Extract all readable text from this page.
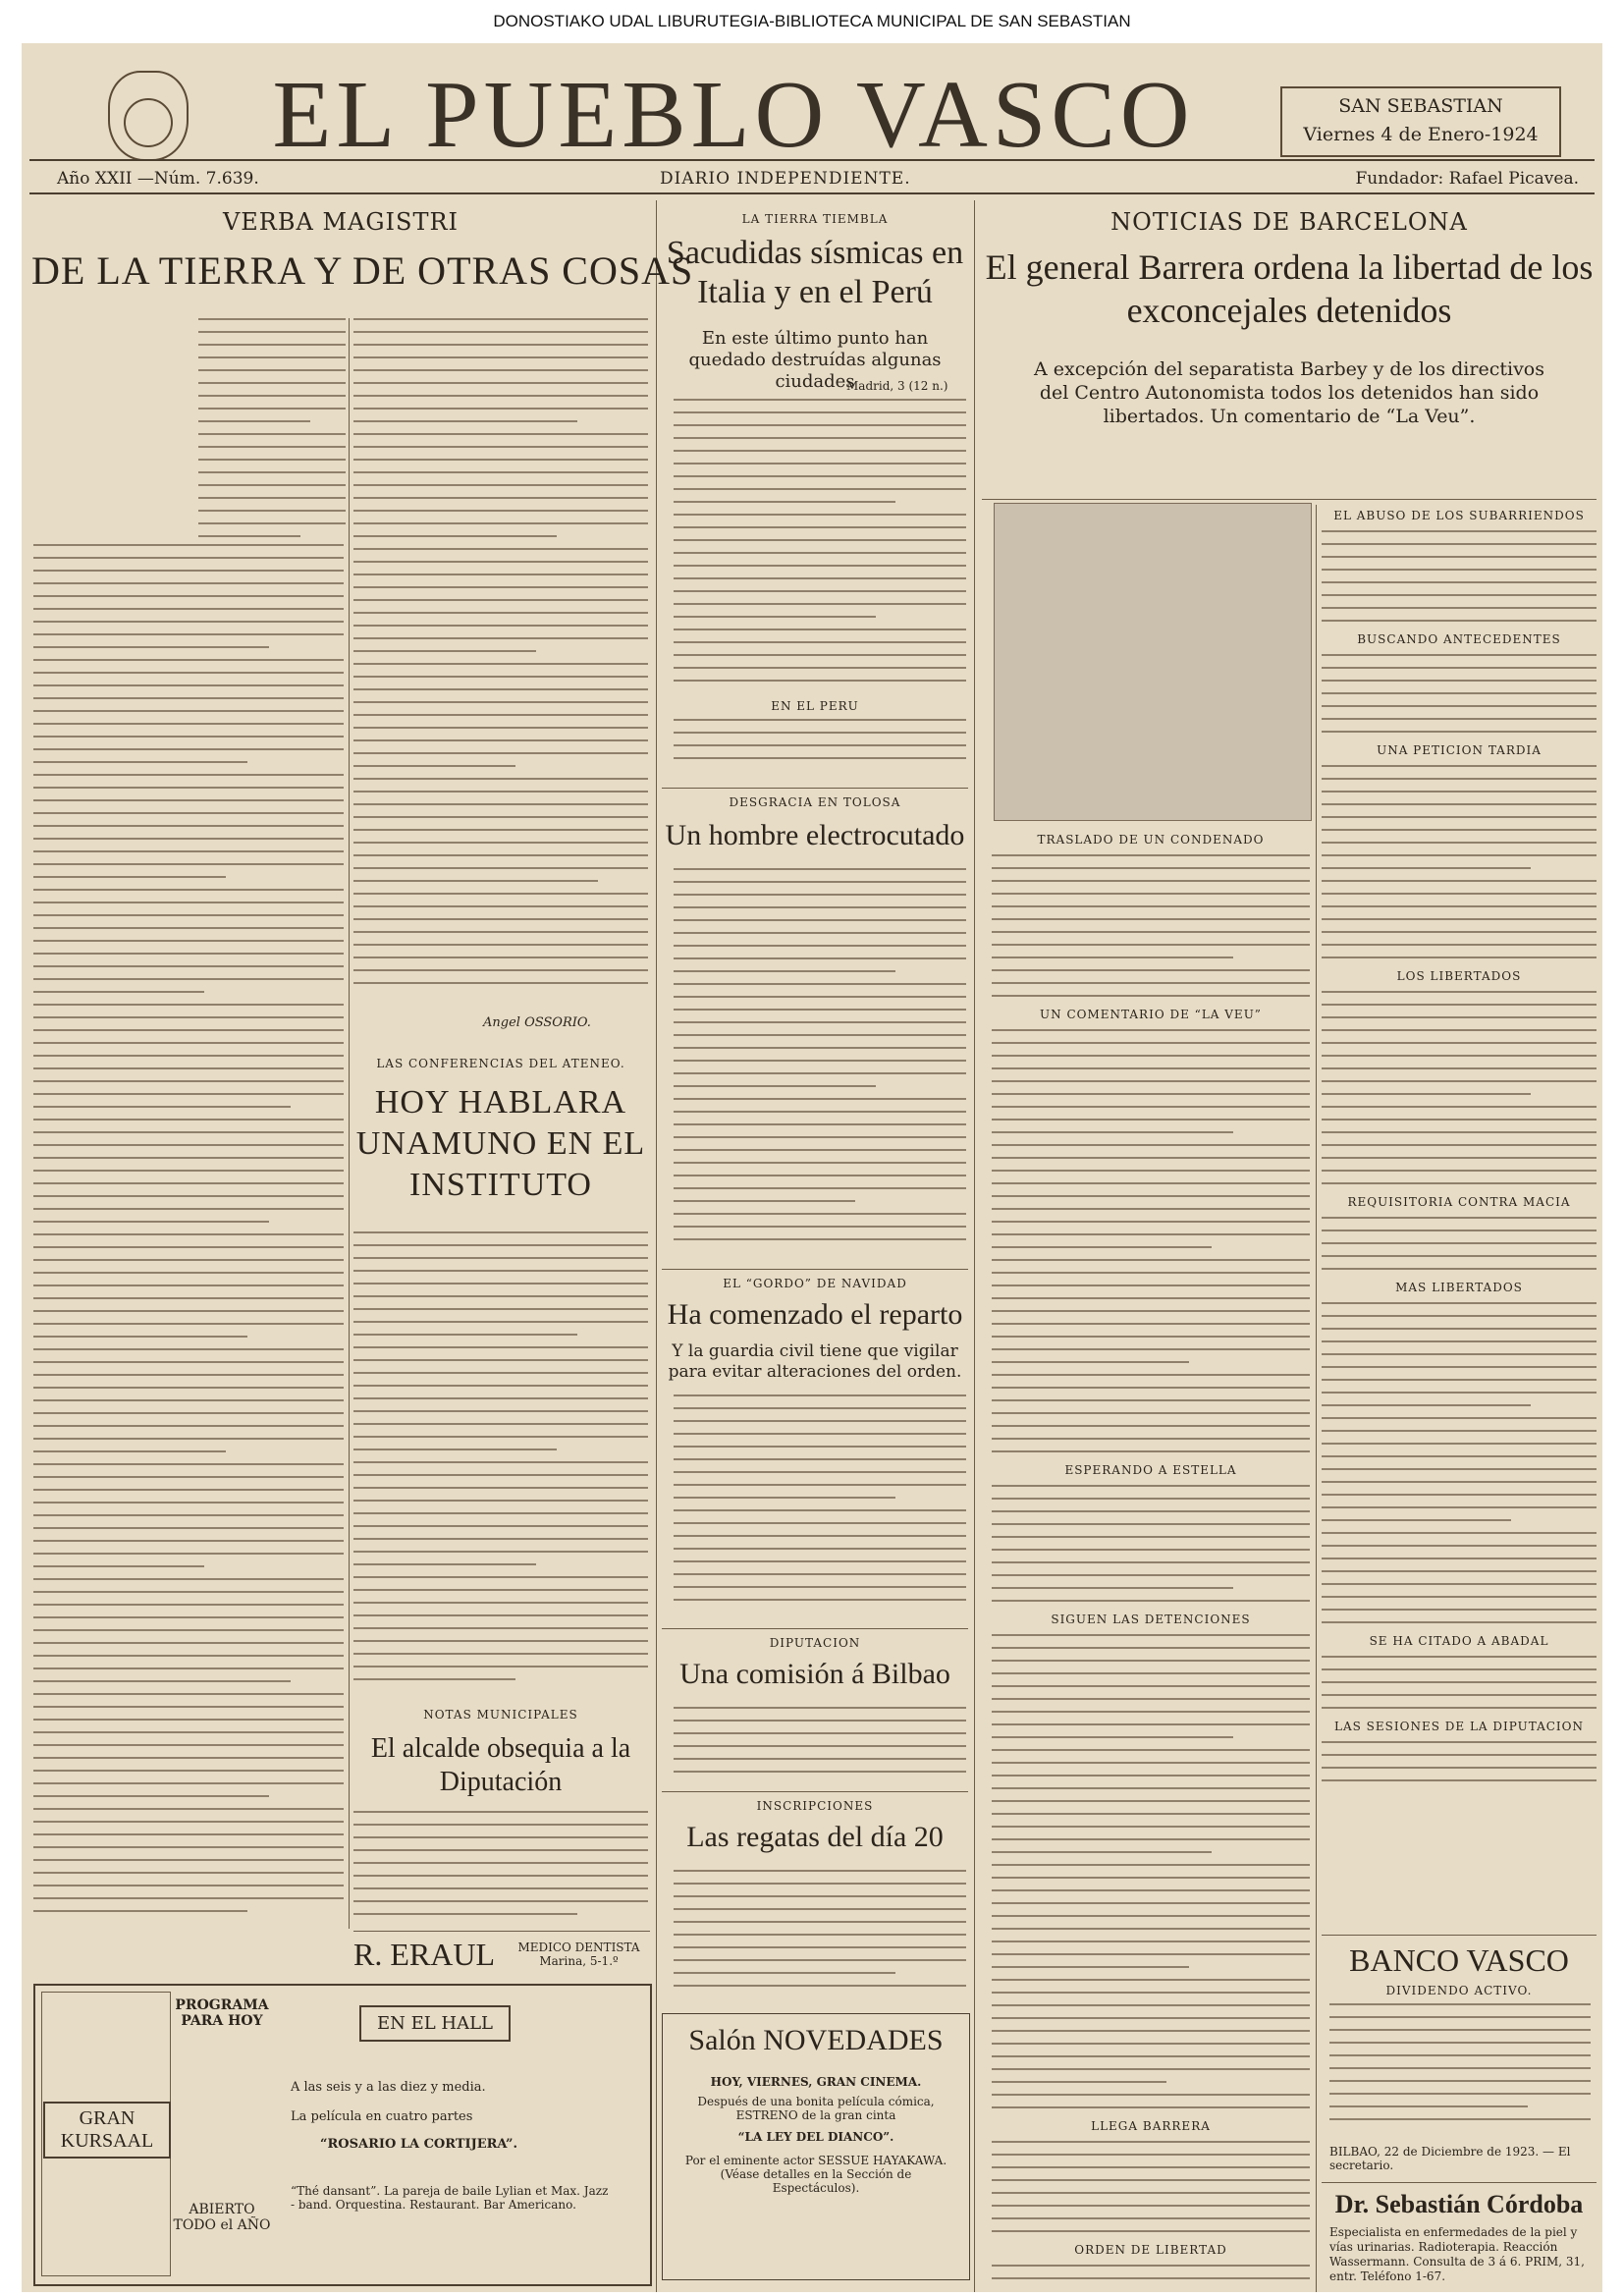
DONOSTIAKO UDAL LIBURUTEGIA-BIBLIOTECA MUNICIPAL DE SAN SEBASTIAN
EL PUEBLO VASCO	SAN SEBASTIAN
Viernes 4 de Enero-1924
Año XXII —Núm. 7.639.	DIARIO INDEPENDIENTE.	Fundador: Rafael Picavea.
VERBA MAGISTRI
DE LA TIERRA Y DE OTRAS COSAS
Angel OSSORIO.
LAS CONFERENCIAS DEL ATENEO.
HOY HABLARA UNAMUNO EN EL INSTITUTO
NOTAS MUNICIPALES
El alcalde obsequia a la Diputación
R. ERAUL	MEDICO DENTISTA Marina, 5-1.º
GRAN KURSAAL
PROGRAMA PARA HOY
ABIERTO TODO el AÑO
EN EL HALL
A las seis y a las diez y media.
La película en cuatro partes
“ROSARIO LA CORTIJERA”.
“Thé dansant”. La pareja de baile Lylian et Max. Jazz - band. Orquestina. Restaurant. Bar Americano.
LA TIERRA TIEMBLA
Sacudidas sísmicas en Italia y en el Perú
En este último punto han quedado destruídas algunas ciudades
Madrid, 3 (12 n.)
EN EL PERU
DESGRACIA EN TOLOSA
Un hombre electrocutado
EL “GORDO” DE NAVIDAD
Ha comenzado el reparto
Y la guardia civil tiene que vigilar para evitar alteraciones del orden.
DIPUTACION
Una comisión á Bilbao
INSCRIPCIONES
Las regatas del día 20
Salón NOVEDADES
HOY, VIERNES, GRAN CINEMA.
Después de una bonita película cómica, ESTRENO de la gran cinta
“LA LEY DEL DIANCO”.
Por el eminente actor SESSUE HAYAKAWA. (Véase detalles en la Sección de Espectáculos).
NOTICIAS DE BARCELONA
El general Barrera ordena la libertad de los exconcejales detenidos
A excepción del separatista Barbey y de los directivos del Centro Autonomista todos los detenidos han sido libertados. Un comentario de “La Veu”.
TRASLADO DE UN CONDENADO
UN COMENTARIO DE “LA VEU”
ESPERANDO A ESTELLA
SIGUEN LAS DETENCIONES
LLEGA BARRERA
ORDEN DE LIBERTAD
EL ABUSO DE LOS SUBARRIENDOS
BUSCANDO ANTECEDENTES
UNA PETICION TARDIA
LOS LIBERTADOS
REQUISITORIA CONTRA MACIA
MAS LIBERTADOS
SE HA CITADO A ABADAL
LAS SESIONES DE LA DIPUTACION
BANCO VASCO
DIVIDENDO ACTIVO.
BILBAO, 22 de Diciembre de 1923. — El secretario.
Dr. Sebastián Córdoba
Especialista en enfermedades de la piel y vías urinarias. Radioterapia. Reacción Wassermann. Consulta de 3 á 6. PRIM, 31, entr. Teléfono 1-67.
